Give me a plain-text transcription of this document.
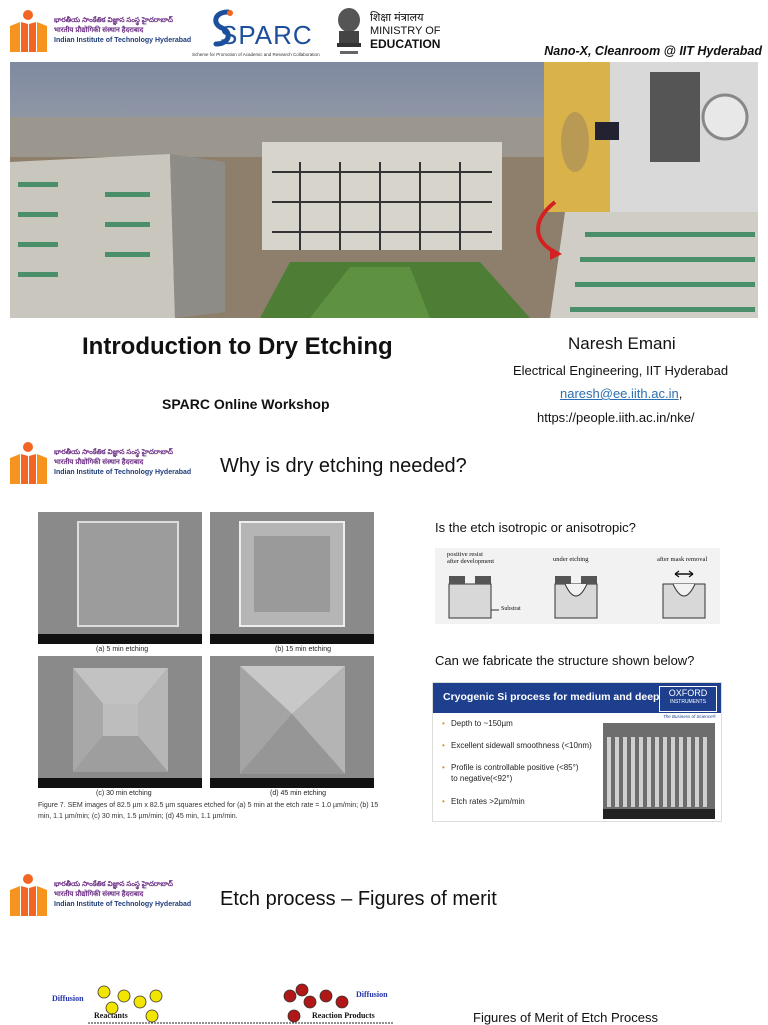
భారతీయ సాంకేతిక విజ్ఞాన సంస్థ హైదరాబాద్
भारतीय प्रौद्योगिकी संस्थान हैदराबाद
Indian Institute of Technology Hyderabad SPARC
Scheme for Promotion of Academic and Research Collaboration
शिक्षा मंत्रालय
MINISTRY OF
EDUCATION	Nano-X, Cleanroom @ IIT Hyderabad
Introduction to Dry Etching
SPARC Online Workshop
Naresh Emani
Electrical Engineering, IIT Hyderabad
naresh@ee.iith.ac.in,
https://people.iith.ac.in/nke/
భారతీయ సాంకేతిక విజ్ఞాన సంస్థ హైదరాబాద్
भारतीय प्रौद्योगिकी संस्थान हैदराबाद
Indian Institute of Technology Hyderabad Why is dry etching needed?
(a) 5 min etching	(b) 15 min etching
(c) 30 min etching	(d) 45 min etching
Figure 7. SEM images of 82.5 µm x 82.5 µm squares etched for (a) 5 min at the etch rate = 1.0 µm/min; (b) 15 min, 1.1 µm/min; (c) 30 min, 1.5 µm/min; (d) 45 min, 1.1 µm/min.
Is the etch isotropic or anisotropic?
positive resist
after development	under etching	after mask removal
Substrat
Can we fabricate the structure shown below?
Cryogenic Si process for medium and deep	OXFORD
INSTRUMENTS
The Business of Science®
• Depth to ~150µm
• Excellent sidewall smoothness (<10nm)
• Profile is controllable positive (<85°)
to negative(<92°)
• Etch rates >2µm/min
భారతీయ సాంకేతిక విజ్ఞాన సంస్థ హైదరాబాద్
भारतीय प्रौद्योगिकी संस्थान हैदराबाद
Indian Institute of Technology Hyderabad Etch process – Figures of merit
Diffusion	Diffusion
Reactants	Reaction Products	Figures of Merit of Etch Process
